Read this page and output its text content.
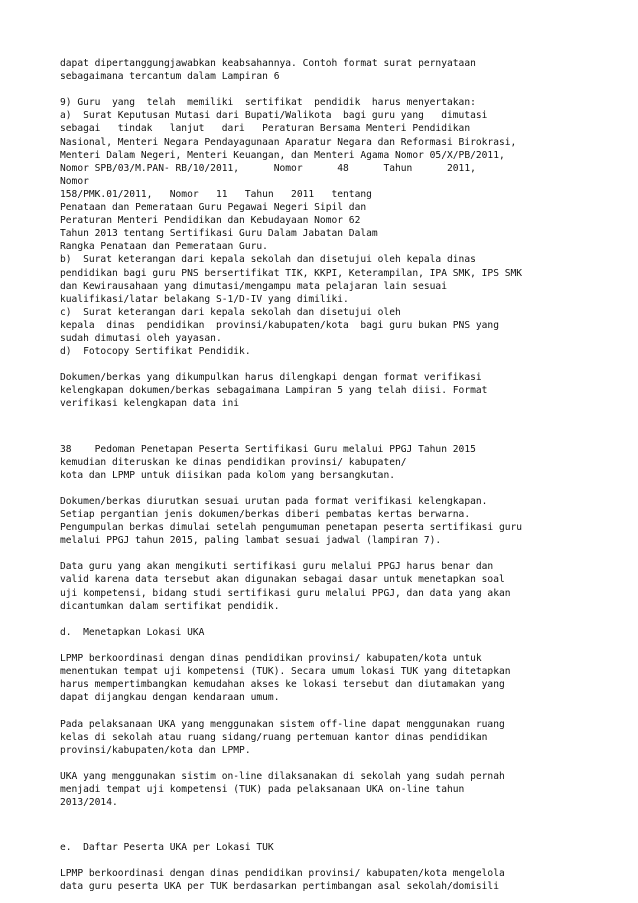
dapat dipertanggungjawabkan keabsahannya. Contoh format surat pernyataan
sebagaimana tercantum dalam Lampiran 6
9) Guru  yang  telah  memiliki  sertifikat  pendidik  harus menyertakan:
a)  Surat Keputusan Mutasi dari Bupati/Walikota  bagi guru yang   dimutasi
sebagai   tindak   lanjut   dari   Peraturan Bersama Menteri Pendidikan
Nasional, Menteri Negara Pendayagunaan Aparatur Negara dan Reformasi Birokrasi,
Menteri Dalam Negeri, Menteri Keuangan, dan Menteri Agama Nomor 05/X/PB/2011,
Nomor SPB/03/M.PAN- RB/10/2011,      Nomor      48      Tahun      2011,
Nomor
158/PMK.01/2011,   Nomor   11   Tahun   2011   tentang
Penataan dan Pemerataan Guru Pegawai Negeri Sipil dan
Peraturan Menteri Pendidikan dan Kebudayaan Nomor 62
Tahun 2013 tentang Sertifikasi Guru Dalam Jabatan Dalam
Rangka Penataan dan Pemerataan Guru.
b)  Surat keterangan dari kepala sekolah dan disetujui oleh kepala dinas
pendidikan bagi guru PNS bersertifikat TIK, KKPI, Keterampilan, IPA SMK, IPS SMK
dan Kewirausahaan yang dimutasi/mengampu mata pelajaran lain sesuai
kualifikasi/latar belakang S-1/D-IV yang dimiliki.
c)  Surat keterangan dari kepala sekolah dan disetujui oleh
kepala  dinas  pendidikan  provinsi/kabupaten/kota  bagi guru bukan PNS yang
sudah dimutasi oleh yayasan.
d)  Fotocopy Sertifikat Pendidik.
Dokumen/berkas yang dikumpulkan harus dilengkapi dengan format verifikasi
kelengkapan dokumen/berkas sebagaimana Lampiran 5 yang telah diisi. Format
verifikasi kelengkapan data ini
38    Pedoman Penetapan Peserta Sertifikasi Guru melalui PPGJ Tahun 2015
kemudian diteruskan ke dinas pendidikan provinsi/ kabupaten/
kota dan LPMP untuk diisikan pada kolom yang bersangkutan.
Dokumen/berkas diurutkan sesuai urutan pada format verifikasi kelengkapan.
Setiap pergantian jenis dokumen/berkas diberi pembatas kertas berwarna.
Pengumpulan berkas dimulai setelah pengumuman penetapan peserta sertifikasi guru
melalui PPGJ tahun 2015, paling lambat sesuai jadwal (lampiran 7).
Data guru yang akan mengikuti sertifikasi guru melalui PPGJ harus benar dan
valid karena data tersebut akan digunakan sebagai dasar untuk menetapkan soal
uji kompetensi, bidang studi sertifikasi guru melalui PPGJ, dan data yang akan
dicantumkan dalam sertifikat pendidik.
d.  Menetapkan Lokasi UKA
LPMP berkoordinasi dengan dinas pendidikan provinsi/ kabupaten/kota untuk
menentukan tempat uji kompetensi (TUK). Secara umum lokasi TUK yang ditetapkan
harus mempertimbangkan kemudahan akses ke lokasi tersebut dan diutamakan yang
dapat dijangkau dengan kendaraan umum.
Pada pelaksanaan UKA yang menggunakan sistem off-line dapat menggunakan ruang
kelas di sekolah atau ruang sidang/ruang pertemuan kantor dinas pendidikan
provinsi/kabupaten/kota dan LPMP.
UKA yang menggunakan sistim on-line dilaksanakan di sekolah yang sudah pernah
menjadi tempat uji kompetensi (TUK) pada pelaksanaan UKA on-line tahun
2013/2014.
e.  Daftar Peserta UKA per Lokasi TUK
LPMP berkoordinasi dengan dinas pendidikan provinsi/ kabupaten/kota mengelola
data guru peserta UKA per TUK berdasarkan pertimbangan asal sekolah/domisili
